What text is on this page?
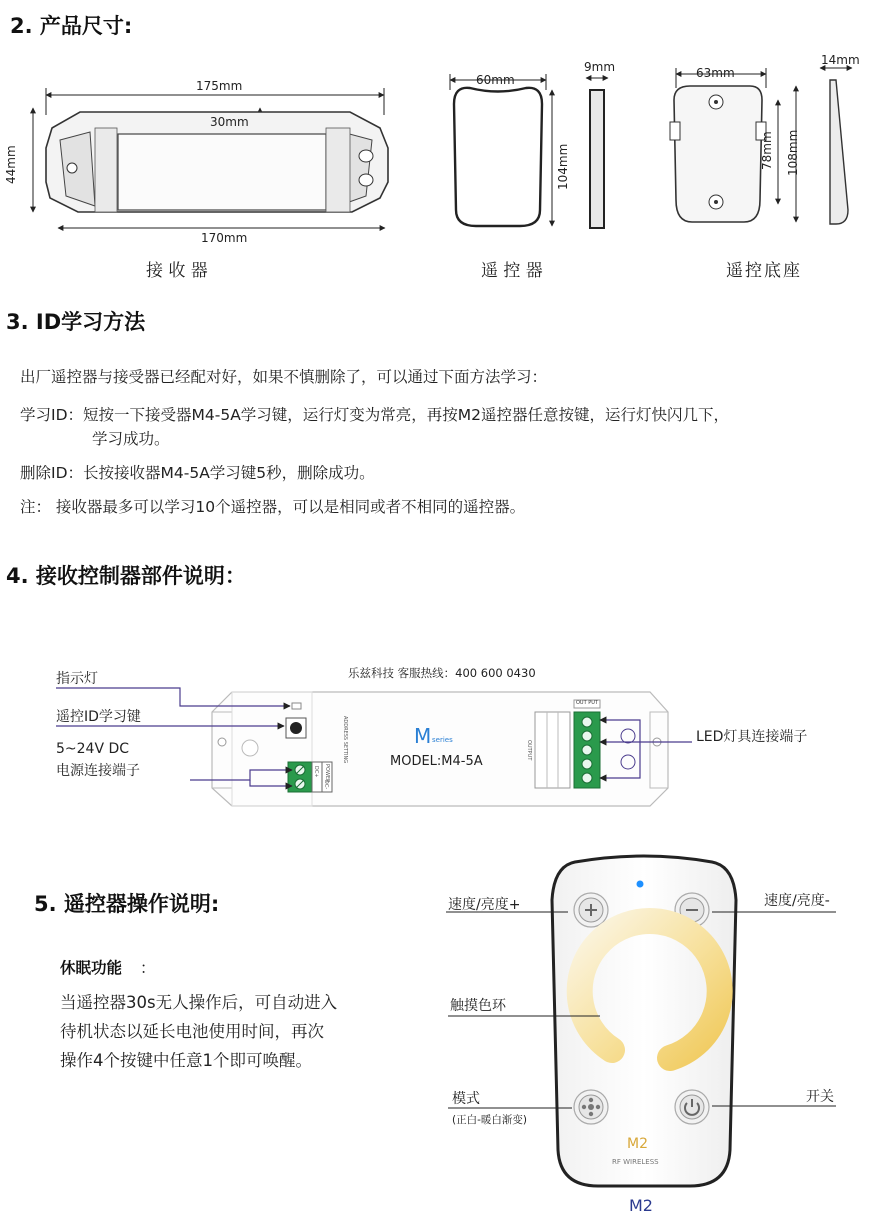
2. 产品尺寸:
175mm
30mm
170mm
44mm
接 收 器
60mm
9mm
104mm
遥 控 器
63mm
14mm
78mm 108mm
遥控底座
3. ID学习方法
出厂遥控器与接受器已经配对好，如果不慎删除了，可以通过下面方法学习：
学习ID：短按一下接受器M4-5A学习键，运行灯变为常亮，再按M2遥控器任意按键，运行灯快闪几下，
学习成功。
删除ID：长按接收器M4-5A学习键5秒，删除成功。
注： 接收器最多可以学习10个遥控器，可以是相同或者不相同的遥控器。
4. 接收控制器部件说明：
乐兹科技 客服热线：400 600 0430
指示灯
遥控ID学习键
5~24V DC
电源连接端子
LED灯具连接端子
M series
MODEL:M4-5A
ADDRESS SETTING
POWER
DC+
DC-
OUTPUT
OUT PUT
5. 遥控器操作说明:
休眠功能 ：
当遥控器30s无人操作后，可自动进入
待机状态以延长电池使用时间，再次
操作4个按键中任意1个即可唤醒。
速度/亮度+	速度/亮度-
触摸色环
模式
(正白-暖白渐变)
开关
M2
RF WIRELESS
M2
